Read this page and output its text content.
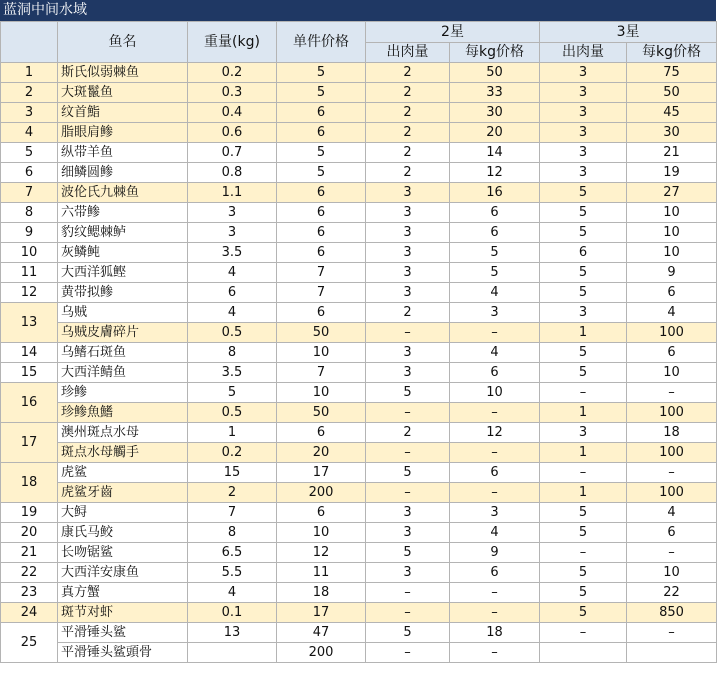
蓝洞中间水域
	鱼名	重量(kg)	单件价格	2星		3星	
				出肉量	每kg价格	出肉量	每kg价格
1	斯氏似弱棘鱼	0.2	5	2	50	3	75
2	大斑鬣鱼	0.3	5	2	33	3	50
3	纹首鮨	0.4	6	2	30	3	45
4	脂眼肩鲹	0.6	6	2	20	3	30
5	纵带羊鱼	0.7	5	2	14	3	21
6	细鳞圆鲹	0.8	5	2	12	3	19
7	波伦氏九棘鱼	1.1	6	3	16	5	27
8	六带鲹	3	6	3	6	5	10
9	豹纹鳃棘鲈	3	6	3	6	5	10
10	灰鳞鲀	3.5	6	3	5	6	10
11	大西洋狐鲣	4	7	3	5	5	9
12	黄带拟鲹	6	7	3	4	5	6
13	乌贼	4	6	2	3	3	4
	乌贼皮膚碎片	0.5	50	–	–	1	100
14	乌鳍石斑鱼	8	10	3	4	5	6
15	大西洋鲭鱼	3.5	7	3	6	5	10
16	珍鲹	5	10	5	10	–	–
	珍鲹魚鰭	0.5	50	–	–	1	100
17	澳州斑点水母	1	6	2	12	3	18
	斑点水母觸手	0.2	20	–	–	1	100
18	虎鲨	15	17	5	6	–	–
	虎鲨牙齒	2	200	–	–	1	100
19	大鲟	7	6	3	3	5	4
20	康氏马鲛	8	10	3	4	5	6
21	长吻锯鲨	6.5	12	5	9	–	–
22	大西洋安康鱼	5.5	11	3	6	5	10
23	真方蟹	4	18	–	–	5	22
24	斑节对虾	0.1	17	–	–	5	850
25	平滑锤头鲨	13	47	5	18	–	–
	平滑锤头鲨頭骨		200	–	–		
